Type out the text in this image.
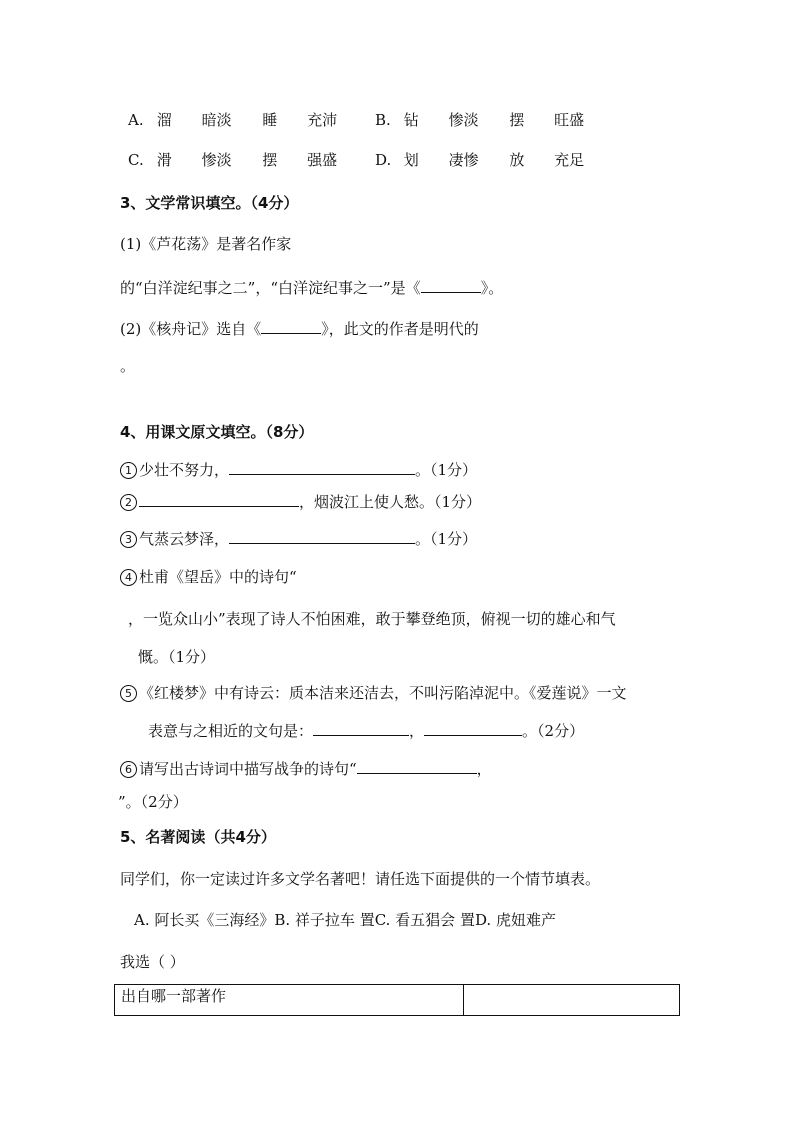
A. 溜 暗淡 睡 充沛	B. 钻 惨淡 摆 旺盛
C. 滑 惨淡 摆 强盛	D. 划 凄惨 放 充足
3、文学常识填空。（4分）
(1)《芦花荡》是著名作家
的“白洋淀纪事之二”，“白洋淀纪事之一”是《	》。
(2)《核舟记》选自《	》，此文的作者是明代的
。
4、用课文原文填空。（8分）
1 少壮不努力，	。（1分）
2	，烟波江上使人愁。（1分）
3 气蒸云梦泽，	。（1分）
4 杜甫《望岳》中的诗句“
，一览众山小”表现了诗人不怕困难，敢于攀登绝顶，俯视一切的雄心和气
慨。（1分）
5 《红楼梦》中有诗云：质本洁来还洁去，不叫污陷淖泥中。《爱莲说》一文
表意与之相近的文句是：	，	。（2分）
6 请写出古诗词中描写战争的诗句“	，
”。（2分）
5、名著阅读（共4分）
同学们，你一定读过许多文学名著吧！请任选下面提供的一个情节填表。
A. 阿长买《三海经》B. 祥子拉车 置C. 看五猖会 置D. 虎妞难产
我选（ ）
出自哪一部著作	
